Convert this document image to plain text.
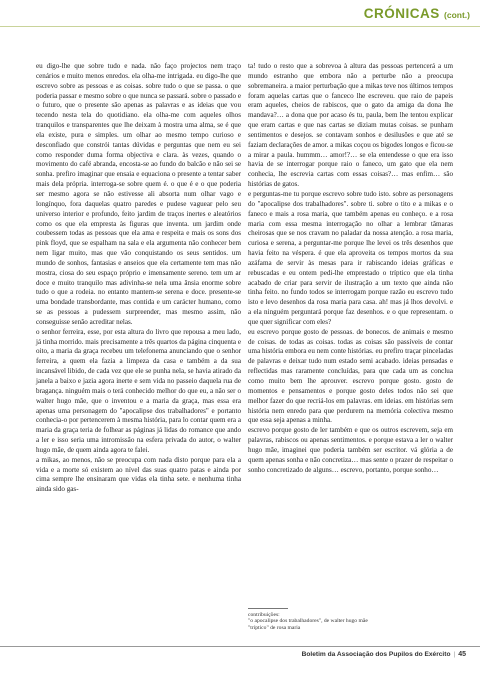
CRÓNICAS (cont.)
eu digo-lhe que sobre tudo e nada. não faço projectos nem traço cenários e muito menos enredos. ela olha-me intrigada. eu digo-lhe que escrevo sobre as pessoas e as coisas. sobre tudo o que se passa. o que poderia passar e mesmo sobre o que nunca se passará. sobre o passado e o futuro, que o presente são apenas as palavras e as ideias que vou tecendo nesta tela do quotidiano. ela olha-me com aqueles olhos tranquilos e transparentes que lhe deixam à mostra uma alma, se é que ela existe, pura e simples. um olhar ao mesmo tempo curioso e desconfiado que constrói tantas dúvidas e perguntas que nem eu sei como responder duma forma objectiva e clara. às vezes, quando o movimento do café abranda, encosta-se ao fundo do balcão e não sei se sonha. prefiro imaginar que ensaia e equaciona o presente a tentar saber mais dela própria. interroga-se sobre quem é. o que é e o que poderia ser mesmo agora se não estivesse ali absorta num olhar vago e longínquo, fora daquelas quatro paredes e pudese vaguear pelo seu universo interior e profundo, feito jardim de traços inertes e aleatórios como os que ela empresta às figuras que inventa. um jardim onde coubessem todas as pessoas que ela ama e respeita e mais os sons dos pink floyd, que se espalham na sala e ela argumenta não conhecer bem nem ligar muito, mas que vão conquistando os seus sentidos. um mundo de sonhos, fantasias e anseios que ela certamente tem mas não mostra, ciosa do seu espaço próprio e imensamente sereno. tem um ar doce e muito tranquilo mas adivinha-se nela uma ânsia enorme sobre tudo o que a rodeia. no entanto mantem-se serena e doce. presente-se uma bondade transbordante, mas contida e um carácter humano, como se as pessoas a pudessem surpreender, mas mesmo assim, não conseguisse senão acreditar nelas.
o senhor ferreira, esse, por esta altura do livro que repousa a meu lado, já tinha morrido. mais precisamente a três quartos da página cinquenta e oito, a maria da graça recebeu um telefonema anunciando que o senhor ferreira, a quem ela fazia a limpeza da casa e também a da sua incansável libido, de cada vez que ele se punha nela, se havia atirado da janela a baixo e jazia agora inerte e sem vida no passeio daquela rua de bragança. ninguém mais o terá conhecido melhor do que eu, a não ser o walter hugo mãe, que o inventou e a maria da graça, mas essa era apenas uma personagem do "apocalipse dos trabalhadores" e portanto conhecia-o por pertencerem à mesma história, para lo contar quem era a maria da graça teria de folhear as páginas já lidas do romance que ando a ler e isso seria uma intromissão na esfera privada do autor, o walter hugo mãe, de quem ainda agora te falei.
a mikas, ao menos, não se preocupa com nada disto porque para ela a vida e a morte só existem ao nível das suas quatro patas e ainda por cima sempre lhe ensinaram que vidas ela tinha sete. e nenhuma tinha ainda sido gas-
ta! tudo o resto que a sobrevoa à altura das pessoas pertencerá a um mundo estranho que embora não a perturbe não a preocupa sobremaneira. a maior perturbação que a mikas teve nos últimos tempos foram aquelas cartas que o fanceco lhe escreveu. que raio de papeis eram aqueles, cheios de rabiscos, que o gato da amiga da dona lhe mandava?… a dona que por acaso és tu, paula, bem lhe tentou explicar que eram cartas e que nas cartas se diziam mutas coisas. se punham sentimentos e desejos. se contavam sonhos e desilusões e que até se faziam declarações de amor. a mikas coçou os bigodes longos e ficou-se a mirar a paula. hummm… amor!?… se ela entendesse o que era isso havia de se interrogar porque raio o faneco, um gato que ela nem conhecia, lhe escrevia cartas com essas coisas?… mas enfim… são histórias de gatos.
e perguntas-me tu porque escrevo sobre tudo isto. sobre as personagens do "apocalipse dos trabalhadores". sobre ti. sobre o tito e a mikas e o faneco e mais a rosa maria, que também apenas eu conheço. e a rosa maria com essa mesma interrogação no olhar a lembrar tâmaras cheirosas que se nos cravam no paladar da nossa atenção. a rosa maria, curiosa e serena, a perguntar-me porque lhe levei os três desenhos que havia feito na véspera. é que ela aproveita os tempos mortos da sua azáfama de servir às mesas para ir rabiscando ideias gráficas e rebuscadas e eu ontem pedi-lhe emprestado o tríptico que ela tinha acabado de criar para servir de ilustração a um texto que ainda não tinha feito. no fundo todos se interrogam porque razão eu escrevo tudo isto e levo desenhos da rosa maria para casa. ah! mas já lhos devolvi. e a ela ninguém perguntará porque faz desenhos. e o que representam. o que quer significar com eles?
eu escrevo porque gosto de pessoas. de bonecos. de animais e mesmo de coisas. de todas as coisas. todas as coisas são passíveis de contar uma história embora eu nem conte histórias. eu prefiro traçar pinceladas de palavras e deixar tudo num estado semi acabado. ideias pensadas e reflectidas mas raramente concluídas, para que cada um as conclua como muito bem lhe aprouver. escrevo porque gosto. gosto de momentos e pensamentos e porque gosto deles todos não sei que melhor fazer do que recriá-los em palavras. em ideias. em histórias sem história nem enredo para que perdurem na memória colectiva mesmo que essa seja apenas a minha.
escrevo porque gosto de ler também e que os outros escrevem, seja em palavras, rabiscos ou apenas sentimentos. e porque estava a ler o walter hugo mãe, imaginei que poderia também ser escritor. vá glória a de quem apenas sonha e não concretiza… mas sente o prazer de respeitar o sonho concretizado de alguns… escrevo, portanto, porque sonho…
contribuições:
"o apocalipse dos trabalhadores", de walter hugo mãe
"tríptico" de rosa maria
Boletim da Associação dos Pupilos do Exército | 45
